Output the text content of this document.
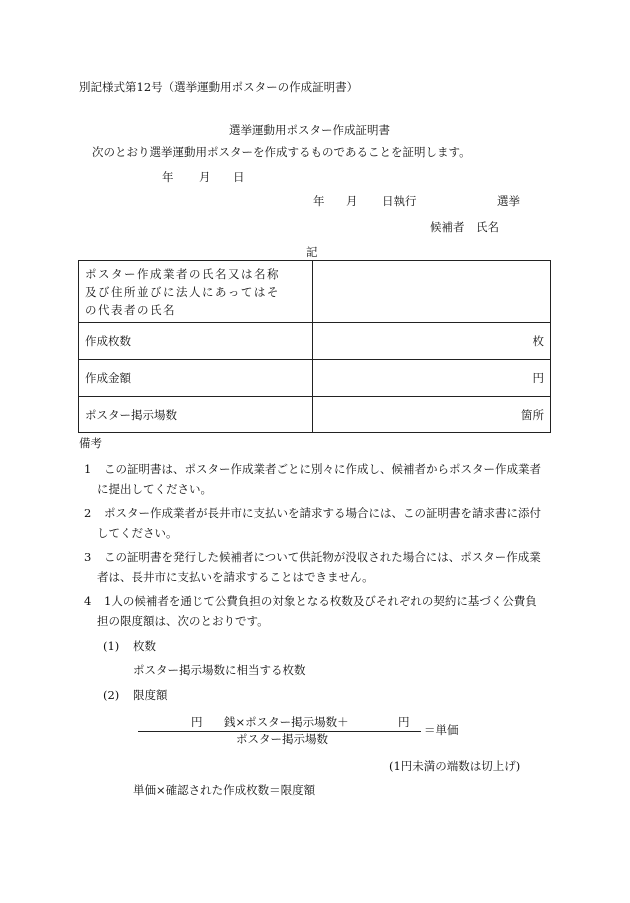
別記様式第12号（選挙運動用ポスターの作成証明書）
選挙運動用ポスター作成証明書
次のとおり選挙運動用ポスターを作成するものであることを証明します。
年 月 日
年 月 日執行	選挙
候補者 氏名
記
ポスター作成業者の氏名又は名称
及び住所並びに法人にあってはそ
の代表者の氏名	

作成枚数	枚
作成金額	円
ポスター掲示場数	箇所
備考
1 この証明書は、ポスター作成業者ごとに別々に作成し、候補者からポスター作成業者
に提出してください。
2 ポスター作成業者が長井市に支払いを請求する場合には、この証明書を請求書に添付
してください。
3 この証明書を発行した候補者について供託物が没収された場合には、ポスター作成業
者は、長井市に支払いを請求することはできません。
4 1人の候補者を通じて公費負担の対象となる枚数及びそれぞれの契約に基づく公費負
担の限度額は、次のとおりです。
(1) 枚数
ポスター掲示場数に相当する枚数
(2) 限度額
円 銭×ポスター掲示場数＋	円
ポスター掲示場数
＝単価
(1円未満の端数は切上げ)
単価×確認された作成枚数＝限度額
